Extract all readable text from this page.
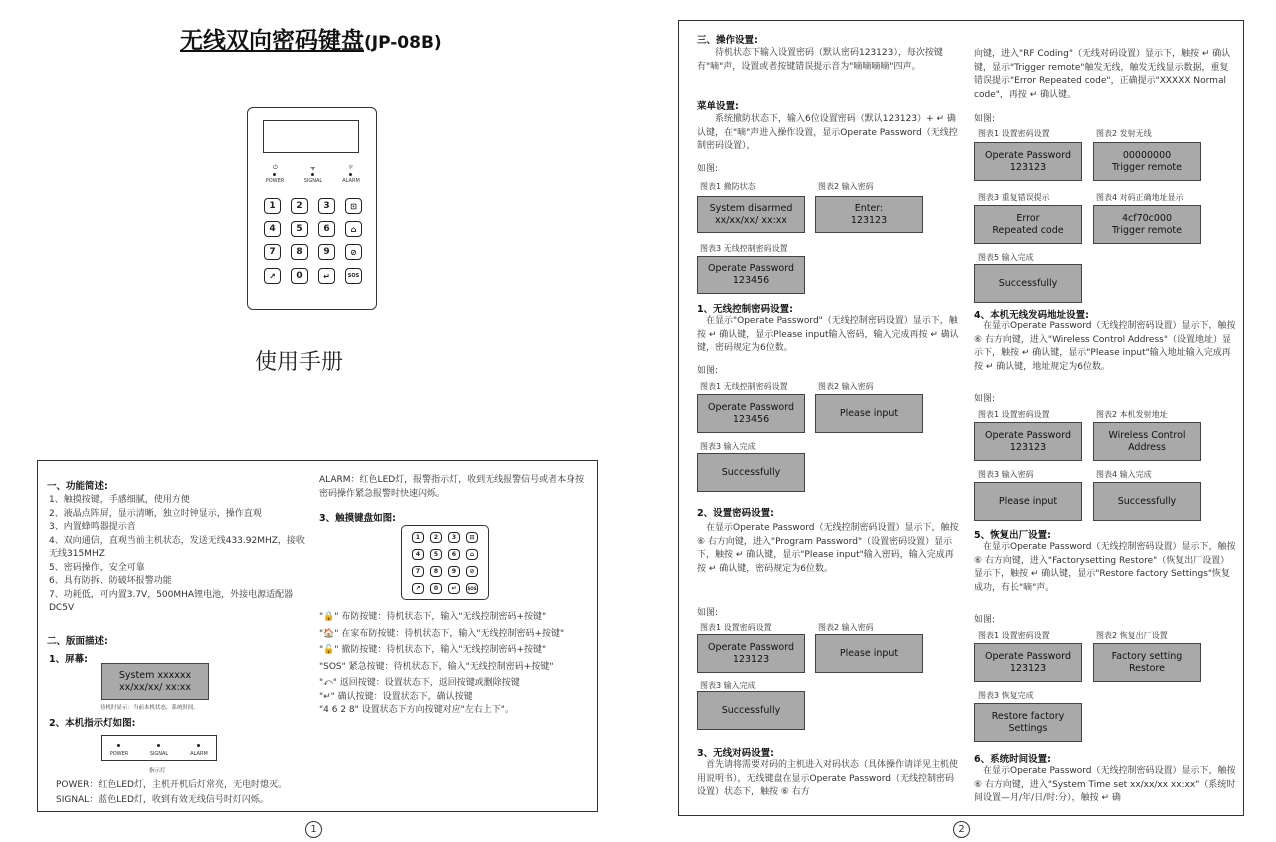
无线双向密码键盘(JP-08B)
⏻
POWER
ᯤ
SIGNAL
☼
ALARM
1	2	3	⊡
4	5	6	⌂
7	8	9	⊘
↗	0	↵	SOS
使用手册
一、功能简述:
1、触摸按键，手感细腻，使用方便
2、液晶点阵屏，显示清晰，独立时钟显示，操作直观
3、内置蜂鸣器提示音
4、双向通信，直观当前主机状态，发送无线433.92MHZ，接收无线315MHZ
5、密码操作，安全可靠
6、具有防拆、防破坏报警功能
7、功耗低，可内置3.7V，500MHA锂电池，外接电源适配器DC5V
二、版面描述:
1、屏幕:
System xxxxxx
xx/xx/xx/ xx:xx
待机时显示：当前本机状态，系统时间。
2、本机指示灯如图:
POWER	SIGNAL	ALARM
指示灯
POWER：红色LED灯，主机开机后灯常亮，无电时熄灭。
SIGNAL：蓝色LED灯，收到有效无线信号时灯闪烁。
ALARM：红色LED灯，报警指示灯，收到无线报警信号或者本身按密码操作紧急报警时快速闪烁。
3、触摸键盘如图:
1	2	3	⊡
4	5	6	⌂
7	8	9	⊘
↗	0	↵	SOS
"🔒" 布防按键：待机状态下，输入"无线控制密码+按键"
"🏠" 在家布防按键：待机状态下，输入"无线控制密码+按键"
"🔓" 撤防按键：待机状态下，输入"无线控制密码+按键"
"SOS" 紧急按键：待机状态下，输入"无线控制密码+按键"
"⤺" 返回按键：设置状态下，返回按键或删除按键
"↵" 确认按键：设置状态下，确认按键
"4 6 2 8" 设置状态下方向按键对应"左右上下"。
1
三、操作设置:
待机状态下输入设置密码（默认密码123123），每次按键有"嘀"声，设置或者按键错误提示音为"嘀嘀嘀嘀"四声。
菜单设置:
系统撤防状态下，输入6位设置密码（默认123123）+ ↵ 确认键，在"嘀"声进入操作设置，显示Operate Password（无线控制密码设置），
如图:
图表1 撤防状态
System disarmed
xx/xx/xx/ xx:xx
图表2 输入密码
Enter:
123123
图表3 无线控制密码设置
Operate Password
123456
1、无线控制密码设置:
在显示"Operate Password"（无线控制密码设置）显示下，触按 ↵ 确认键，显示Please input输入密码，输入完成再按 ↵ 确认键，密码规定为6位数。
如图:
图表1 无线控制密码设置
Operate Password
123456
图表2 输入密码
Please input
图表3 输入完成
Successfully
2、设置密码设置:
在显示Operate Password（无线控制密码设置）显示下，触按 ⑥ 右方向键，进入"Program Password"（设置密码设置）显示下，触按 ↵ 确认键，显示"Please input"输入密码，输入完成再按 ↵ 确认键，密码规定为6位数。
如图:
图表1 设置密码设置
Operate Password
123123
图表2 输入密码
Please input
图表3 输入完成
Successfully
3、无线对码设置:
首先请将需要对码的主机进入对码状态（具体操作请详见主机使用说明书），无线键盘在显示Operate Password（无线控制密码设置）状态下，触按 ⑥ 右方
向键，进入"RF Coding"（无线对码设置）显示下，触按 ↵ 确认键，显示"Trigger remote"触发无线，触发无线显示数据，重复错误提示"Error Repeated code"，正确提示"XXXXX Normal code"，再按 ↵ 确认键。
如图:
图表1 设置密码设置
Operate Password
123123
图表2 发射无线
00000000
Trigger remote
图表3 重复错误提示
Error
Repeated code
图表4 对码正确地址显示
4cf70c000
Trigger remote
图表5 输入完成
Successfully
4、本机无线发码地址设置:
在显示Operate Password（无线控制密码设置）显示下，触按 ⑥ 右方向键，进入"Wireless Control Address"（设置地址）显示下，触按 ↵ 确认键，显示"Please input"输入地址输入完成再按 ↵ 确认键，地址规定为6位数。
如图:
图表1 设置密码设置
Operate Password
123123
图表2 本机发射地址
Wireless Control
Address
图表3 输入密码
Please input
图表4 输入完成
Successfully
5、恢复出厂设置:
在显示Operate Password（无线控制密码设置）显示下，触按 ⑥ 右方向键，进入"Factorysetting Restore"（恢复出厂设置）显示下，触按 ↵ 确认键，显示"Restore factory Settings"恢复成功，有长"嘀"声。
如图:
图表1 设置密码设置
Operate Password
123123
图表2 恢复出厂设置
Factory setting
Restore
图表3 恢复完成
Restore factory
Settings
6、系统时间设置:
在显示Operate Password（无线控制密码设置）显示下，触按 ⑥ 右方向键，进入"System Time set xx/xx/xx xx:xx"（系统时间设置—月/年/日/时:分），触按 ↵ 确
2
